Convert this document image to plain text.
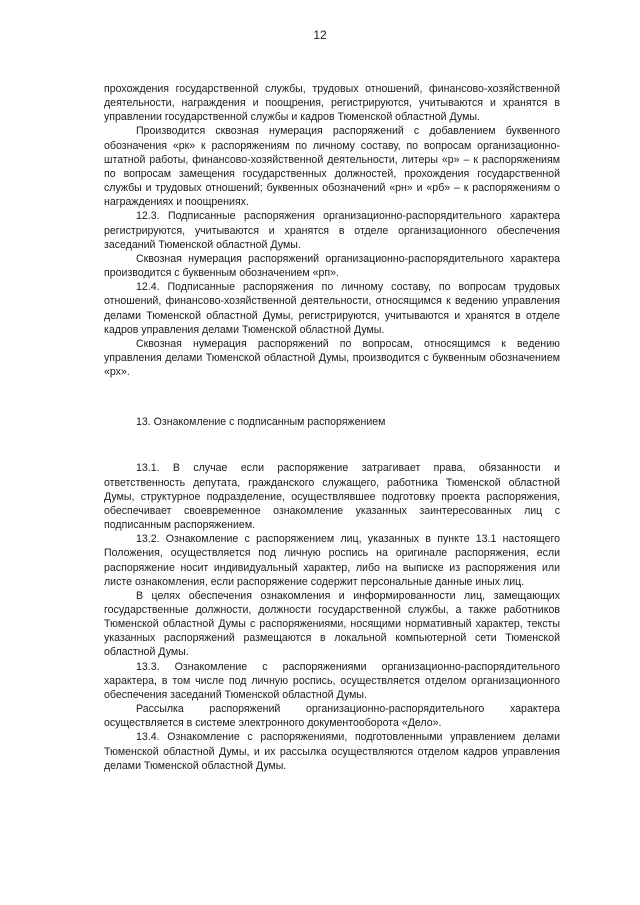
12

прохождения государственной службы, трудовых отношений, финансово-хозяйственной деятельности, награждения и поощрения, регистрируются, учитываются и хранятся в управлении государственной службы и кадров Тюменской областной Думы.

Производится сквозная нумерация распоряжений с добавлением буквенного обозначения «рк» к распоряжениям по личному составу, по вопросам организационно-штатной работы, финансово-хозяйственной деятельности, литеры «р» – к распоряжениям по вопросам замещения государственных должностей, прохождения государственной службы и трудовых отношений; буквенных обозначений «рн» и «рб» – к распоряжениям о награждениях и поощрениях.

12.3. Подписанные распоряжения организационно-распорядительного характера регистрируются, учитываются и хранятся в отделе организационного обеспечения заседаний Тюменской областной Думы.

Сквозная нумерация распоряжений организационно-распорядительного характера производится с буквенным обозначением «рп».

12.4. Подписанные распоряжения по личному составу, по вопросам трудовых отношений, финансово-хозяйственной деятельности, относящимся к ведению управления делами Тюменской областной Думы, регистрируются, учитываются и хранятся в отделе кадров управления делами Тюменской областной Думы.

Сквозная нумерация распоряжений по вопросам, относящимся к ведению управления делами Тюменской областной Думы, производится с буквенным обозначением «рх».

13. Ознакомление с подписанным распоряжением

13.1. В случае если распоряжение затрагивает права, обязанности и ответственность депутата, гражданского служащего, работника Тюменской областной Думы, структурное подразделение, осуществлявшее подготовку проекта распоряжения, обеспечивает своевременное ознакомление указанных заинтересованных лиц с подписанным распоряжением.

13.2. Ознакомление с распоряжением лиц, указанных в пункте 13.1 настоящего Положения, осуществляется под личную роспись на оригинале распоряжения, если распоряжение носит индивидуальный характер, либо на выписке из распоряжения или листе ознакомления, если распоряжение содержит персональные данные иных лиц.

В целях обеспечения ознакомления и информированности лиц, замещающих государственные должности, должности государственной службы, а также работников Тюменской областной Думы с распоряжениями, носящими нормативный характер, тексты указанных распоряжений размещаются в локальной компьютерной сети Тюменской областной Думы.

13.3. Ознакомление с распоряжениями организационно-распорядительного характера, в том числе под личную роспись, осуществляется отделом организационного обеспечения заседаний Тюменской областной Думы.

Рассылка распоряжений организационно-распорядительного характера осуществляется в системе электронного документооборота «Дело».

13.4. Ознакомление с распоряжениями, подготовленными управлением делами Тюменской областной Думы, и их рассылка осуществляются отделом кадров управления делами Тюменской областной Думы.
